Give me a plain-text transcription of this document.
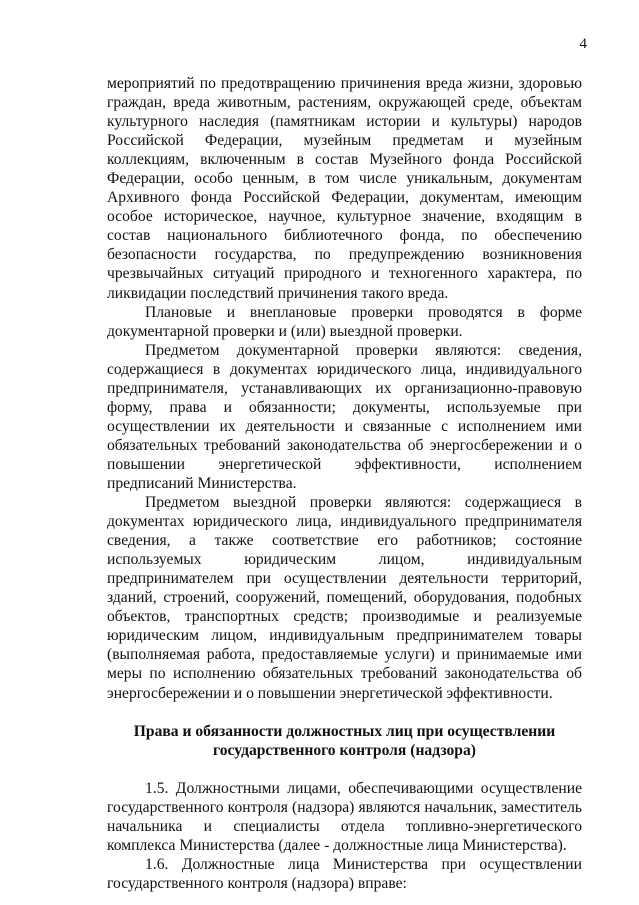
4

мероприятий по предотвращению причинения вреда жизни, здоровью граждан, вреда животным, растениям, окружающей среде, объектам культурного наследия (памятникам истории и культуры) народов Российской Федерации, музейным предметам и музейным коллекциям, включенным в состав Музейного фонда Российской Федерации, особо ценным, в том числе уникальным, документам Архивного фонда Российской Федерации, документам, имеющим особое историческое, научное, культурное значение, входящим в состав национального библиотечного фонда, по обеспечению безопасности государства, по предупреждению возникновения чрезвычайных ситуаций природного и техногенного характера, по ликвидации последствий причинения такого вреда.

Плановые и внеплановые проверки проводятся в форме документарной проверки и (или) выездной проверки.

Предметом документарной проверки являются: сведения, содержащиеся в документах юридического лица, индивидуального предпринимателя, устанавливающих их организационно-правовую форму, права и обязанности; документы, используемые при осуществлении их деятельности и связанные с исполнением ими обязательных требований законодательства об энергосбережении и о повышении энергетической эффективности, исполнением предписаний Министерства.

Предметом выездной проверки являются: содержащиеся в документах юридического лица, индивидуального предпринимателя сведения, а также соответствие его работников; состояние используемых юридическим лицом, индивидуальным предпринимателем при осуществлении деятельности территорий, зданий, строений, сооружений, помещений, оборудования, подобных объектов, транспортных средств; производимые и реализуемые юридическим лицом, индивидуальным предпринимателем товары (выполняемая работа, предоставляемые услуги) и принимаемые ими меры по исполнению обязательных требований законодательства об энергосбережении и о повышении энергетической эффективности.

Права и обязанности должностных лиц при осуществлении
государственного контроля (надзора)

1.5. Должностными лицами, обеспечивающими осуществление государственного контроля (надзора) являются начальник, заместитель начальника и специалисты отдела топливно-энергетического комплекса Министерства (далее - должностные лица Министерства).

1.6. Должностные лица Министерства при осуществлении государственного контроля (надзора) вправе:
